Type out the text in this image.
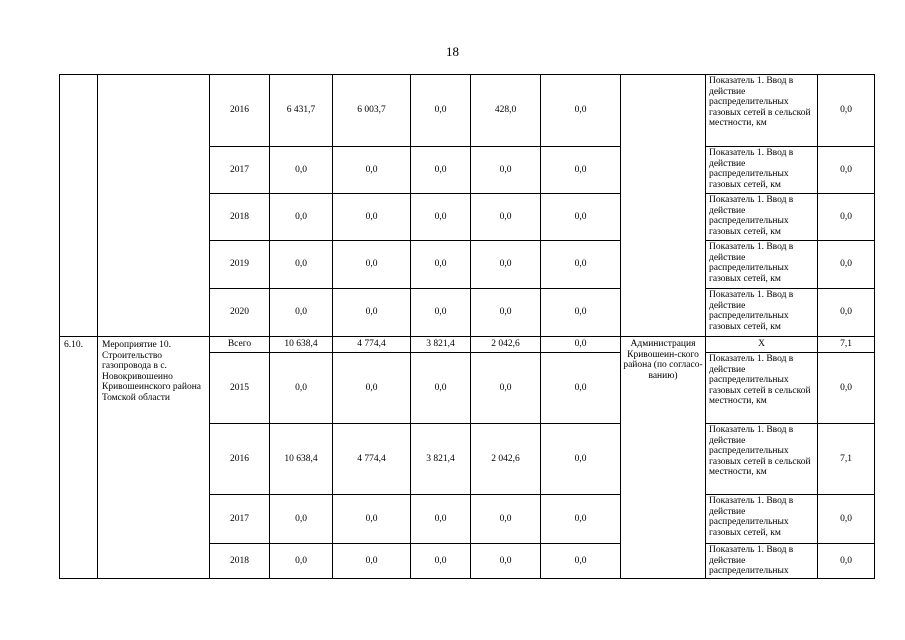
18
		2016	6 431,7	6 003,7	0,0	428,0	0,0		Показатель 1. Ввод в действие распределительных газовых сетей в сельской местности, км	0,0
		2017	0,0	0,0	0,0	0,0	0,0		Показатель 1. Ввод в действие распределительных газовых сетей, км	0,0
		2018	0,0	0,0	0,0	0,0	0,0		Показатель 1. Ввод в действие распределительных газовых сетей, км	0,0
		2019	0,0	0,0	0,0	0,0	0,0		Показатель 1. Ввод в действие распределительных газовых сетей, км	0,0
		2020	0,0	0,0	0,0	0,0	0,0		Показатель 1. Ввод в действие распределительных газовых сетей, км	0,0
6.10.	Мероприятие 10. Строительство газопровода в с. Новокривошеино Кривошеинского района Томской области	Всего	10 638,4	4 774,4	3 821,4	2 042,6	0,0	Администрация Кривошеин-ского района (по согласо-ванию)	X	7,1
		2015	0,0	0,0	0,0	0,0	0,0		Показатель 1. Ввод в действие распределительных газовых сетей в сельской местности, км	0,0
		2016	10 638,4	4 774,4	3 821,4	2 042,6	0,0		Показатель 1. Ввод в действие распределительных газовых сетей в сельской местности, км	7,1
		2017	0,0	0,0	0,0	0,0	0,0		Показатель 1. Ввод в действие распределительных газовых сетей, км	0,0
		2018	0,0	0,0	0,0	0,0	0,0		Показатель 1. Ввод в действие распределительных	0,0
